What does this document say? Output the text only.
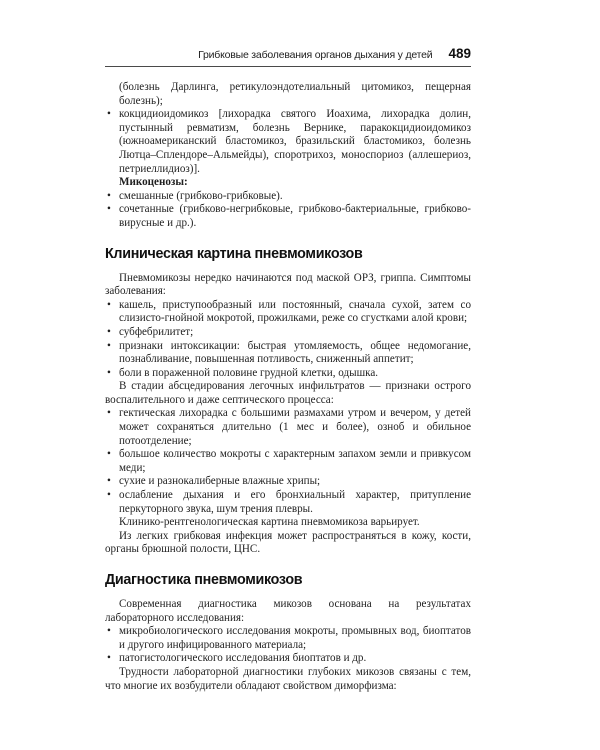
Грибковые заболевания органов дыхания у детей 489

(болезнь Дарлинга, ретикулоэндотелиальный цитомикоз, пещерная болезнь);

• кокцидиоидомикоз [лихорадка святого Иоахима, лихорадка долин, пустынный ревматизм, болезнь Вернике, паракокцидиоидомикоз (южноамериканский бластомикоз, бразильский бластомикоз, болезнь Лютца–Сплендоре–Альмейды), споротрихоз, моноспориоз (аллешериоз, петриеллидиоз)].
Микоценозы:
• смешанные (грибково-грибковые).
• сочетанные (грибково-негрибковые, грибково-бактериальные, грибково-вирусные и др.).
Клиническая картина пневмомикозов

Пневмомикозы нередко начинаются под маской ОРЗ, гриппа. Симптомы заболевания:

• кашель, приступообразный или постоянный, сначала сухой, затем со слизисто-гнойной мокротой, прожилками, реже со сгустками алой крови;
• субфебрилитет;
• признаки интоксикации: быстрая утомляемость, общее недомогание, познабливание, повышенная потливость, сниженный аппетит;
• боли в пораженной половине грудной клетки, одышка.

В стадии абсцедирования легочных инфильтратов — признаки острого воспалительного и даже септического процесса:

• гектическая лихорадка с большими размахами утром и вечером, у детей может сохраняться длительно (1 мес и более), озноб и обильное потоотделение;
• большое количество мокроты с характерным запахом земли и привкусом меди;
• сухие и разнокалиберные влажные хрипы;
• ослабление дыхания и его бронхиальный характер, притупление перкуторного звука, шум трения плевры.

Клинико-рентгенологическая картина пневмомикоза варьирует.

Из легких грибковая инфекция может распространяться в кожу, кости, органы брюшной полости, ЦНС.

Диагностика пневмомикозов

Современная диагностика микозов основана на результатах лабораторного исследования:

• микробиологического исследования мокроты, промывных вод, биоптатов и другого инфицированного материала;
• патогистологического исследования биоптатов и др.

Трудности лабораторной диагностики глубоких микозов связаны с тем, что многие их возбудители обладают свойством диморфизма:
